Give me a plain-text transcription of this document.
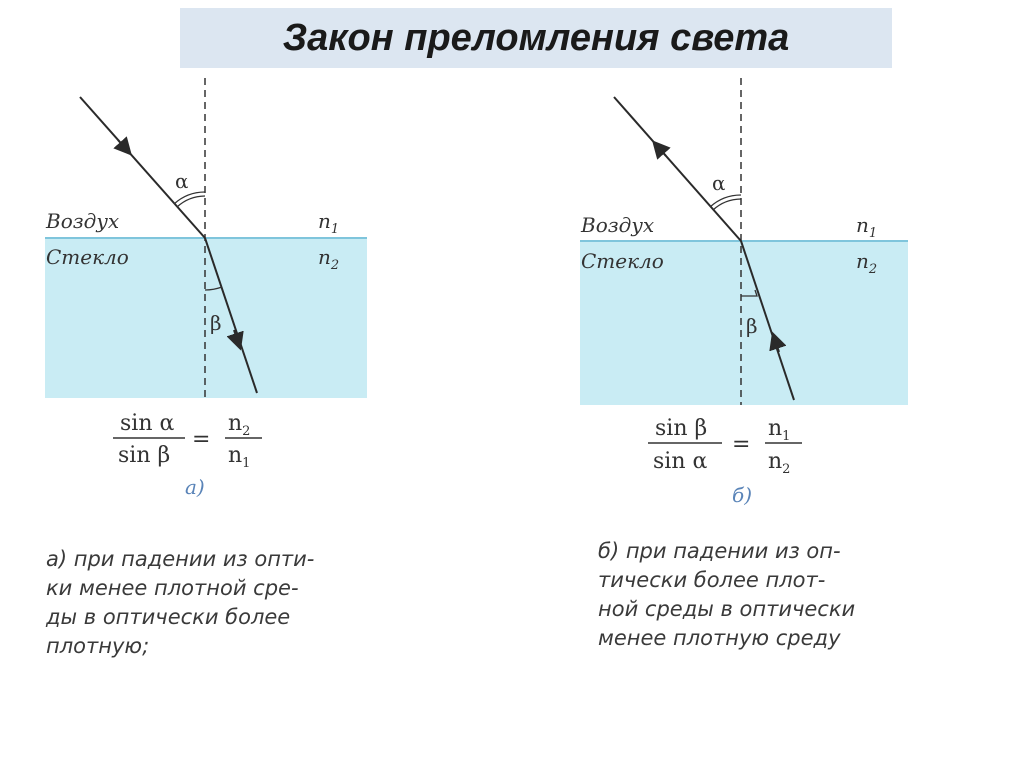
Закон преломления света
α
β
Воздух
Стекло
$n_1$
$n_2$
sin α
sin β
=
$n_2$
$n_1$
а)
α
β
Воздух
Стекло
$n_1$
$n_2$
sin β
sin α
=
$n_1$
$n_2$
б)
а) при падении из опти-
ки менее плотной сре-
ды в оптически более
плотную;
б) при падении из оп-
тически более плот-
ной среды в оптически
менее плотную среду
